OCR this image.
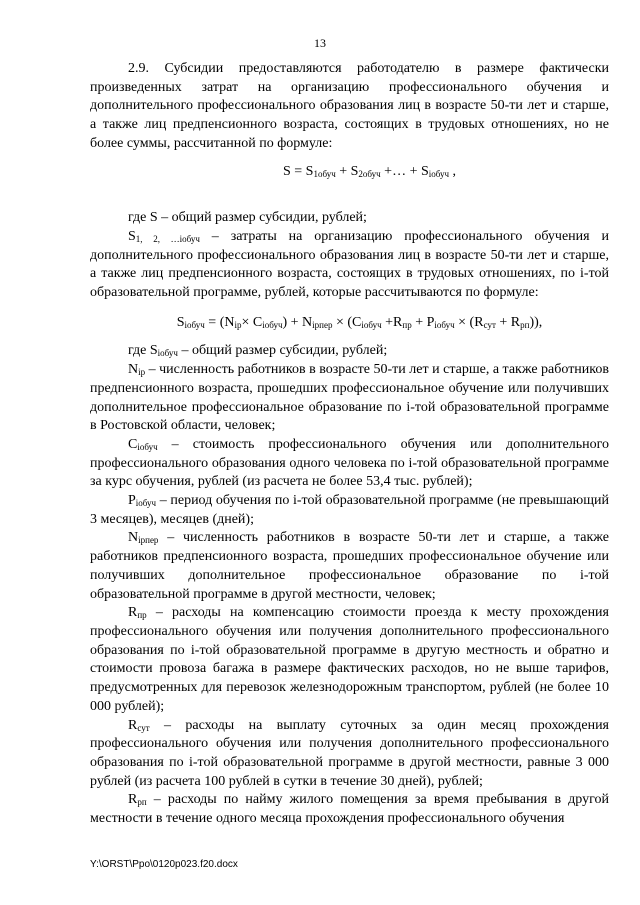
13

2.9. Субсидии предоставляются работодателю в размере фактически произведенных затрат на организацию профессионального обучения и дополнительного профессионального образования лиц в возрасте 50-ти лет и старше, а также лиц предпенсионного возраста, состоящих в трудовых отношениях, но не более суммы, рассчитанной по формуле:

$S = S_{1обуч} + S_{2обуч}$ +… + $S_{iобуч}$ ,

где S – общий размер субсидии, рублей;

$S_{1, 2, \dots iобуч}$ – затраты на организацию профессионального обучения и дополнительного профессионального образования лиц в возрасте 50-ти лет и старше, а также лиц предпенсионного возраста, состоящих в трудовых отношениях, по i-той образовательной программе, рублей, которые рассчитываются по формуле:

$S_{iобуч} = (N_{ip}\times C_{iобуч}) + N_{iрпер} \times (C_{iобуч} +R_{пр} + P_{iобуч} \times (R_{сут} + R_{рп}))$,

где $S_{iобуч}$ – общий размер субсидии, рублей;

$N_{ip}$ – численность работников в возрасте 50-ти лет и старше, а также работников предпенсионного возраста, прошедших профессиональное обучение или получивших дополнительное профессиональное образование по i-той образовательной программе в Ростовской области, человек;

$C_{iобуч}$ – стоимость профессионального обучения или дополнительного профессионального образования одного человека по i-той образовательной программе за курс обучения, рублей (из расчета не более 53,4 тыс. рублей);

$P_{iобуч}$ – период обучения по i-той образовательной программе (не превышающий 3 месяцев), месяцев (дней);

$N_{iрпер}$ – численность работников в возрасте 50-ти лет и старше, а также работников предпенсионного возраста, прошедших профессиональное обучение или получивших дополнительное профессиональное образование по i-той образовательной программе в другой местности, человек;

$R_{пр}$ – расходы на компенсацию стоимости проезда к месту прохождения профессионального обучения или получения дополнительного профессионального образования по i-той образовательной программе в другую местность и обратно и стоимости провоза багажа в размере фактических расходов, но не выше тарифов, предусмотренных для перевозок железнодорожным транспортом, рублей (не более 10 000 рублей);

$R_{сут}$ – расходы на выплату суточных за один месяц прохождения профессионального обучения или получения дополнительного профессионального образования по i-той образовательной программе в другой местности, равные 3 000 рублей (из расчета 100 рублей в сутки в течение 30 дней), рублей;

$R_{рп}$ – расходы по найму жилого помещения за время пребывания в другой местности в течение одного месяца прохождения профессионального обучения

Y:\ORST\Ppo\0120p023.f20.docx
